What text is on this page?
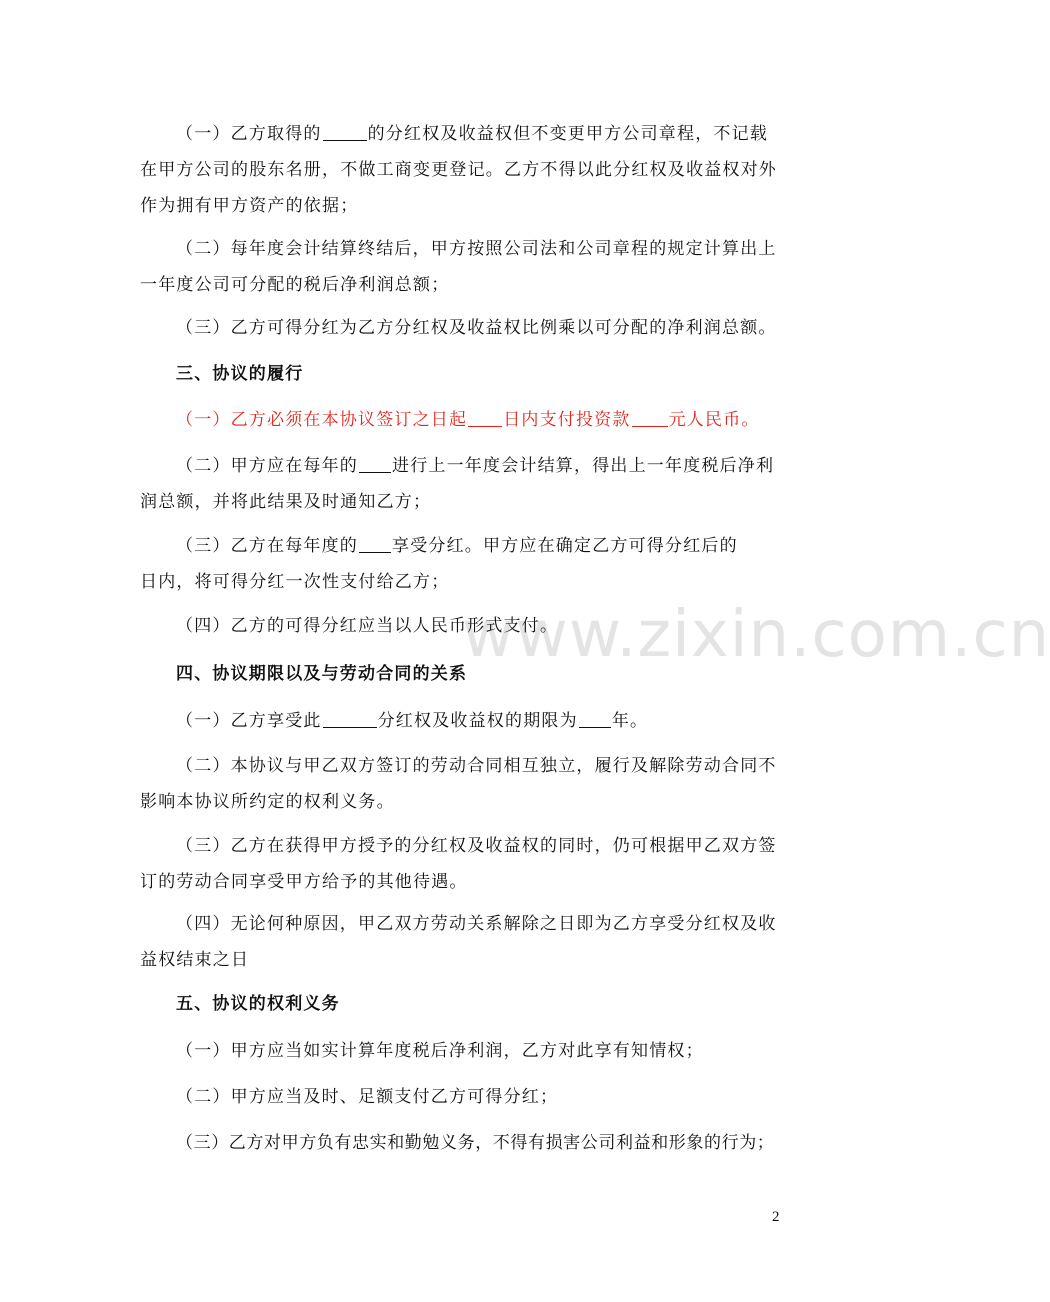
www.zixin.com.cn
（一）乙方取得的	的分红权及收益权但不变更甲方公司章程，不记载
在甲方公司的股东名册，不做工商变更登记。乙方不得以此分红权及收益权对外
作为拥有甲方资产的依据；
（二）每年度会计结算终结后，甲方按照公司法和公司章程的规定计算出上
一年度公司可分配的税后净利润总额；
（三）乙方可得分红为乙方分红权及收益权比例乘以可分配的净利润总额。
三、协议的履行
（一）乙方必须在本协议签订之日起 日内支付投资款 元人民币。
（二）甲方应在每年的 进行上一年度会计结算，得出上一年度税后净利
润总额，并将此结果及时通知乙方；
（三）乙方在每年度的 享受分红。甲方应在确定乙方可得分红后的
日内，将可得分红一次性支付给乙方；
（四）乙方的可得分红应当以人民币形式支付。
四、协议期限以及与劳动合同的关系
（一）乙方享受此	分红权及收益权的期限为 年。
（二）本协议与甲乙双方签订的劳动合同相互独立，履行及解除劳动合同不
影响本协议所约定的权利义务。
（三）乙方在获得甲方授予的分红权及收益权的同时，仍可根据甲乙双方签
订的劳动合同享受甲方给予的其他待遇。
（四）无论何种原因，甲乙双方劳动关系解除之日即为乙方享受分红权及收
益权结束之日
五、协议的权利义务
（一）甲方应当如实计算年度税后净利润，乙方对此享有知情权；
（二）甲方应当及时、足额支付乙方可得分红；
（三）乙方对甲方负有忠实和勤勉义务，不得有损害公司利益和形象的行为；
2
